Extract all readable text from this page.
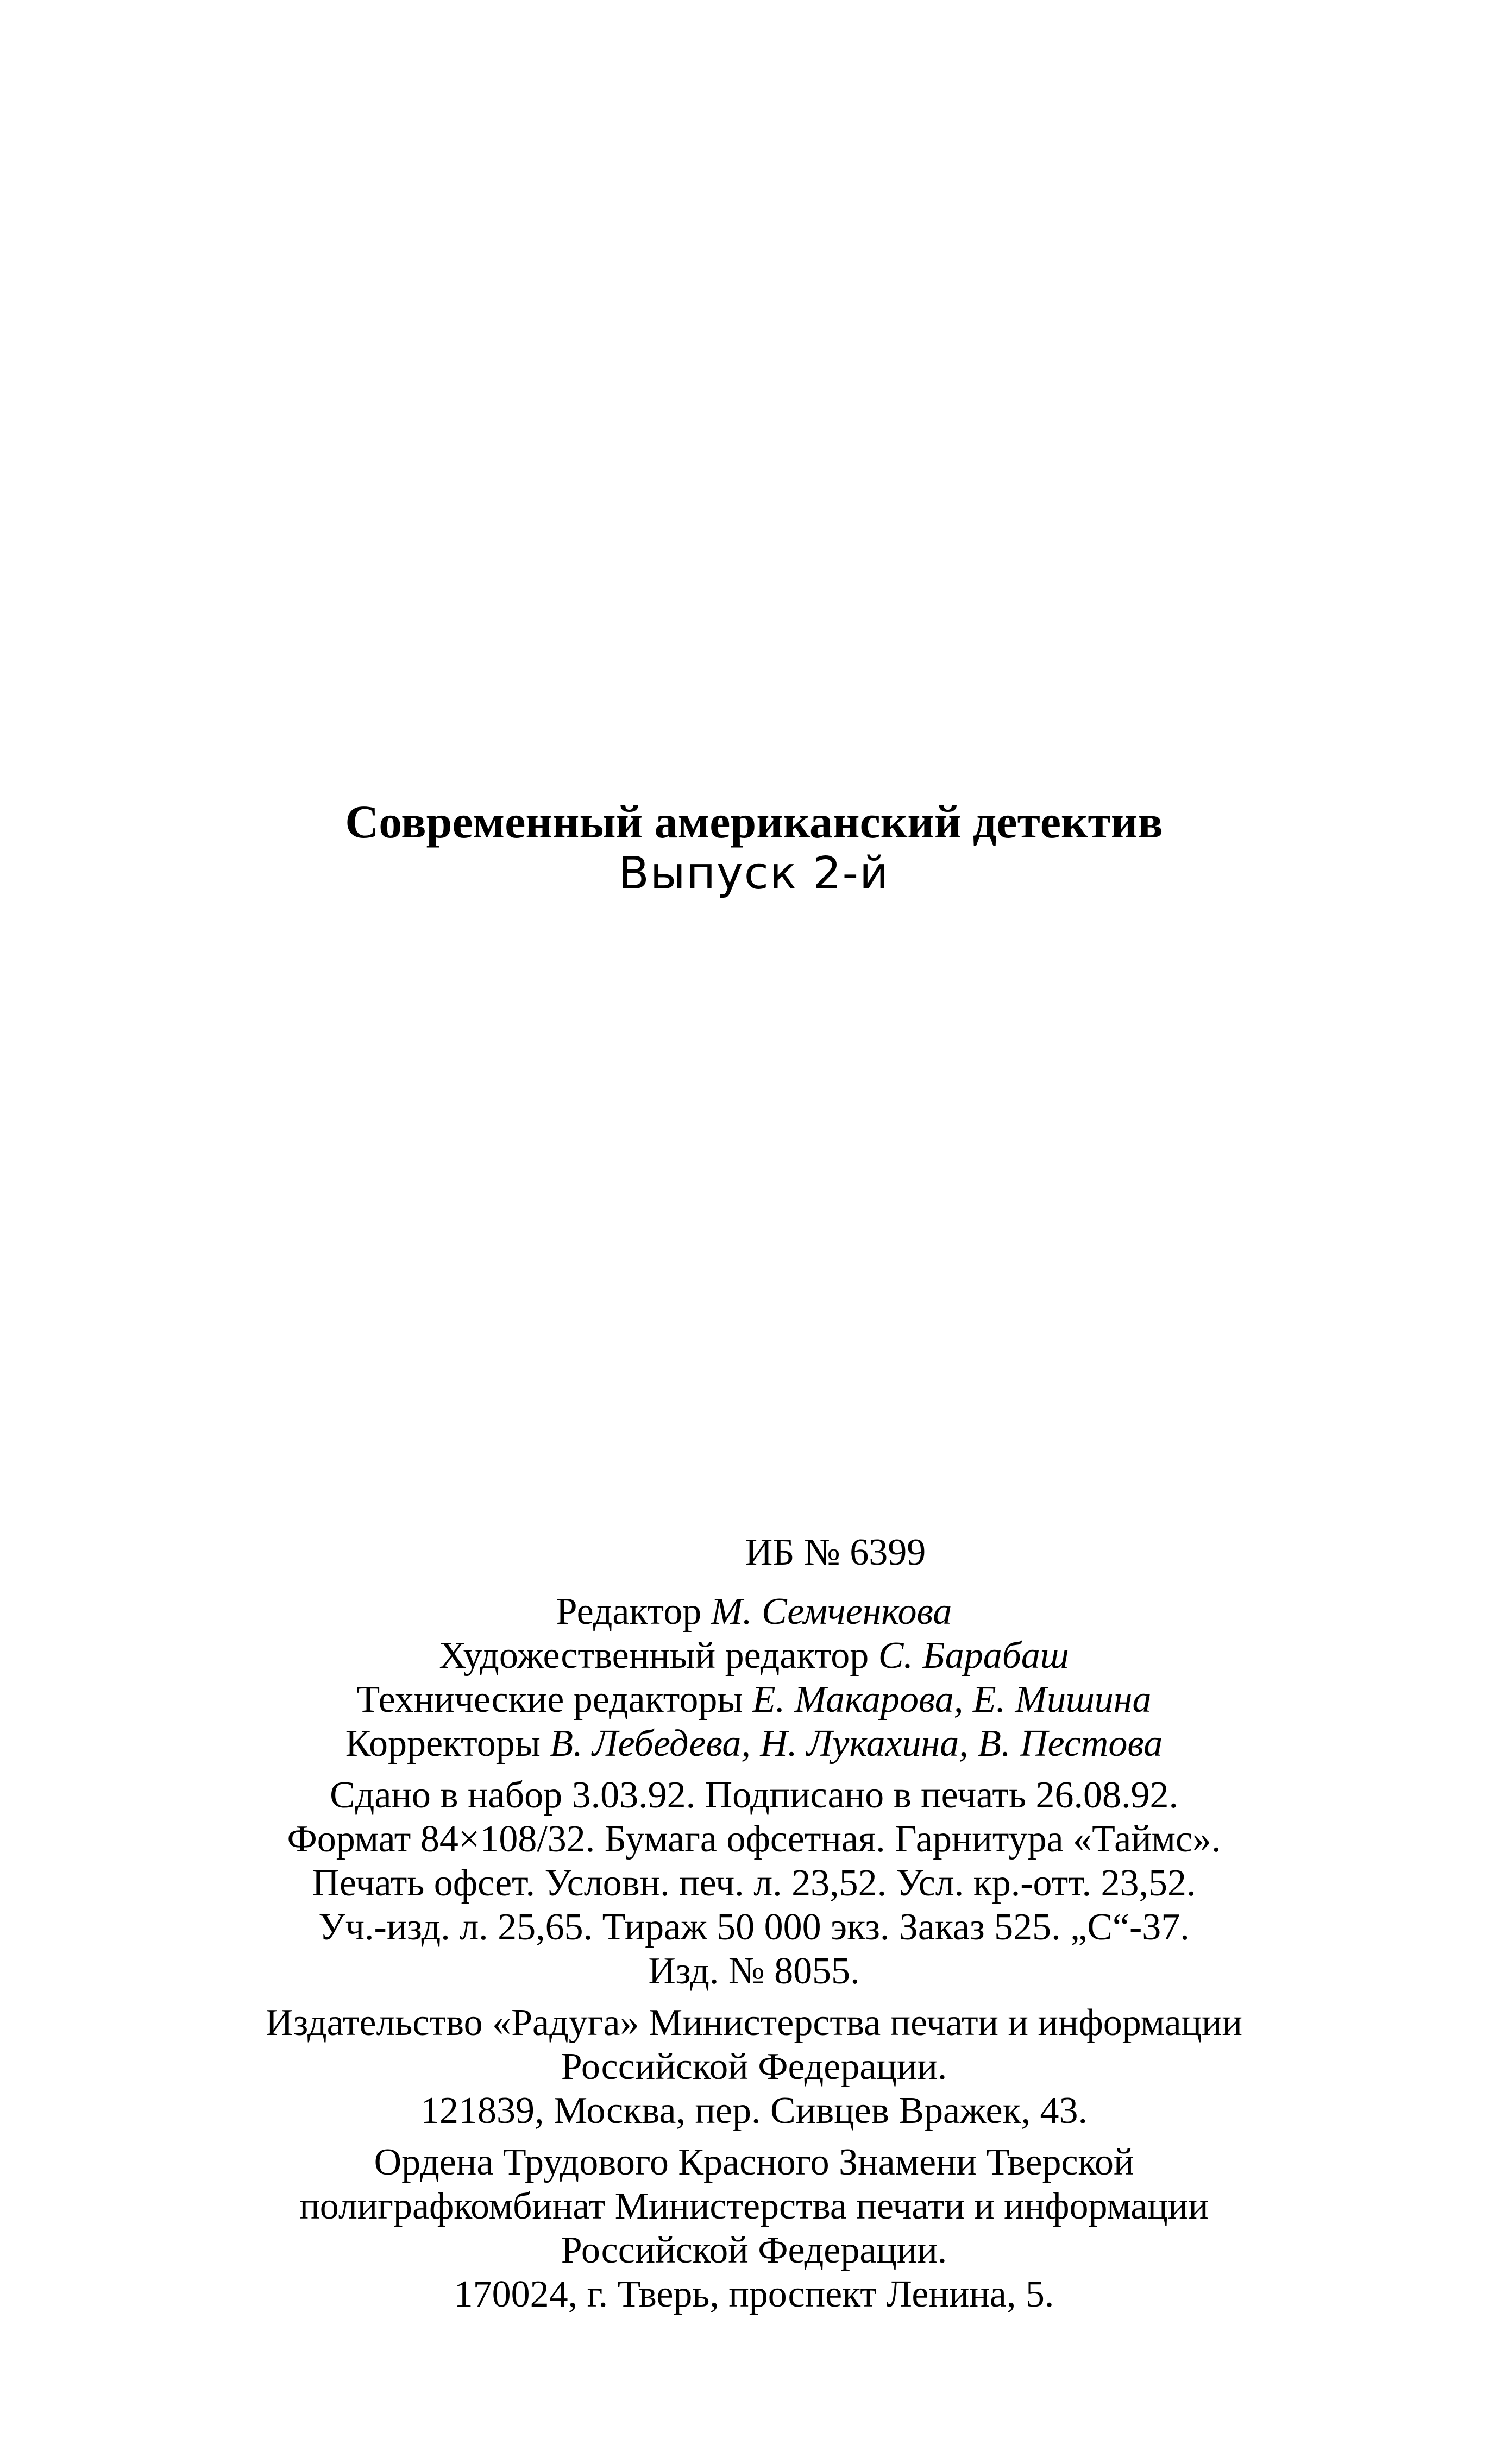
Современный американский детектив
Выпуск 2-й
ИБ № 6399
Редактор М. Семченкова
Художественный редактор С. Барабаш
Технические редакторы Е. Макарова, Е. Мишина
Корректоры В. Лебедева, Н. Лукахина, В. Пестова
Сдано в набор 3.03.92. Подписано в печать 26.08.92.
Формат 84×108/32. Бумага офсетная. Гарнитура «Таймс».
Печать офсет. Условн. печ. л. 23,52. Усл. кр.-отт. 23,52.
Уч.-изд. л. 25,65. Тираж 50 000 экз. Заказ 525. „С“-37.
Изд. № 8055.
Издательство «Радуга» Министерства печати и информации
Российской Федерации.
121839, Москва, пер. Сивцев Вражек, 43.
Ордена Трудового Красного Знамени Тверской
полиграфкомбинат Министерства печати и информации
Российской Федерации.
170024, г. Тверь, проспект Ленина, 5.
